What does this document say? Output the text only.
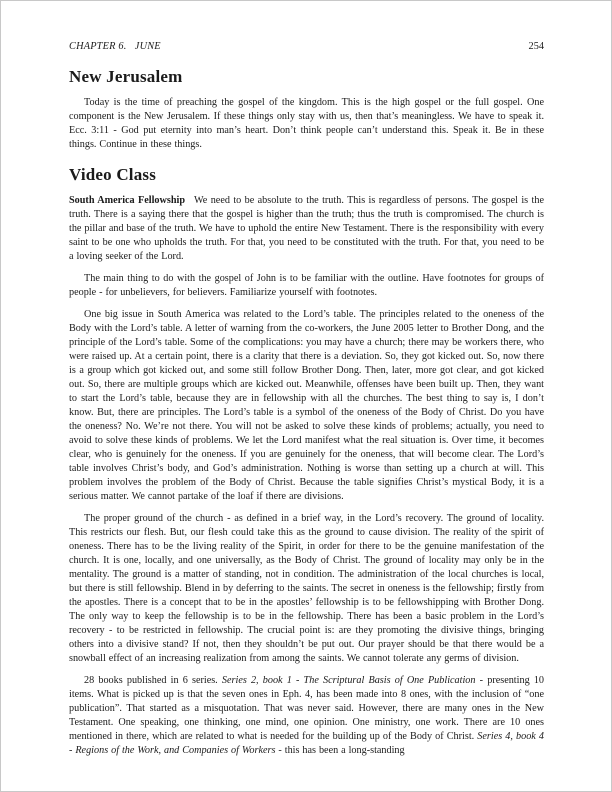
CHAPTER 6.   JUNE	254
New Jerusalem

Today is the time of preaching the gospel of the kingdom. This is the high gospel or the full gospel. One component is the New Jerusalem. If these things only stay with us, then that’s meaningless. We have to speak it. Ecc. 3:11 - God put eternity into man’s heart. Don’t think people can’t understand this. Speak it. Be in these things. Continue in these things.

Video Class

South America Fellowship We need to be absolute to the truth. This is regardless of persons. The gospel is the truth. There is a saying there that the gospel is higher than the truth; thus the truth is compromised. The church is the pillar and base of the truth. We have to uphold the entire New Testament. There is the responsibility with every saint to be one who upholds the truth. For that, you need to be constituted with the truth. For that, you need to be a loving seeker of the Lord.

The main thing to do with the gospel of John is to be familiar with the outline. Have footnotes for groups of people - for unbelievers, for believers. Familiarize yourself with footnotes.

One big issue in South America was related to the Lord’s table. The principles related to the oneness of the Body with the Lord’s table. A letter of warning from the co-workers, the June 2005 letter to Brother Dong, and the principle of the Lord’s table. Some of the complications: you may have a church; there may be workers there, who were raised up. At a certain point, there is a clarity that there is a deviation. So, they got kicked out. So, now there is a group which got kicked out, and some still follow Brother Dong. Then, later, more got clear, and got kicked out. So, there are multiple groups which are kicked out. Meanwhile, offenses have been built up. Then, they want to start the Lord’s table, because they are in fellowship with all the churches. The best thing to say is, I don’t know. But, there are principles. The Lord’s table is a symbol of the oneness of the Body of Christ. Do you have the oneness? No. We’re not there. You will not be asked to solve these kinds of problems; actually, you need to avoid to solve these kinds of problems. We let the Lord manifest what the real situation is. Over time, it becomes clear, who is genuinely for the oneness. If you are genuinely for the oneness, that will become clear. The Lord’s table involves Christ’s body, and God’s administration. Nothing is worse than setting up a church at will. This problem involves the problem of the Body of Christ. Because the table signifies Christ’s mystical Body, it is a serious matter. We cannot partake of the loaf if there are divisions.

The proper ground of the church - as defined in a brief way, in the Lord’s recovery. The ground of locality. This restricts our flesh. But, our flesh could take this as the ground to cause division. The reality of the spirit of oneness. There has to be the living reality of the Spirit, in order for there to be the genuine manifestation of the church. It is one, locally, and one universally, as the Body of Christ. The ground of locality may only be in the mentality. The ground is a matter of standing, not in condition. The administration of the local churches is local, but there is still fellowship. Blend in by deferring to the saints. The secret in oneness is the fellowship; firstly from the apostles. There is a concept that to be in the apostles’ fellowship is to be fellowshipping with Brother Dong. The only way to keep the fellowship is to be in the fellowship. There has been a basic problem in the Lord’s recovery - to be restricted in fellowship. The crucial point is: are they promoting the divisive things, bringing others into a divisive stand? If not, then they shouldn’t be put out. Our prayer should be that there would be a snowball effect of an increasing realization from among the saints. We cannot tolerate any germs of division.

28 books published in 6 series. Series 2, book 1 - The Scriptural Basis of One Publication - presenting 10 items. What is picked up is that the seven ones in Eph. 4, has been made into 8 ones, with the inclusion of “one publication”. That started as a misquotation. That was never said. However, there are many ones in the New Testament. One speaking, one thinking, one mind, one opinion. One ministry, one work. There are 10 ones mentioned in there, which are related to what is needed for the building up of the Body of Christ. Series 4, book 4 - Regions of the Work, and Companies of Workers - this has been a long-standing
